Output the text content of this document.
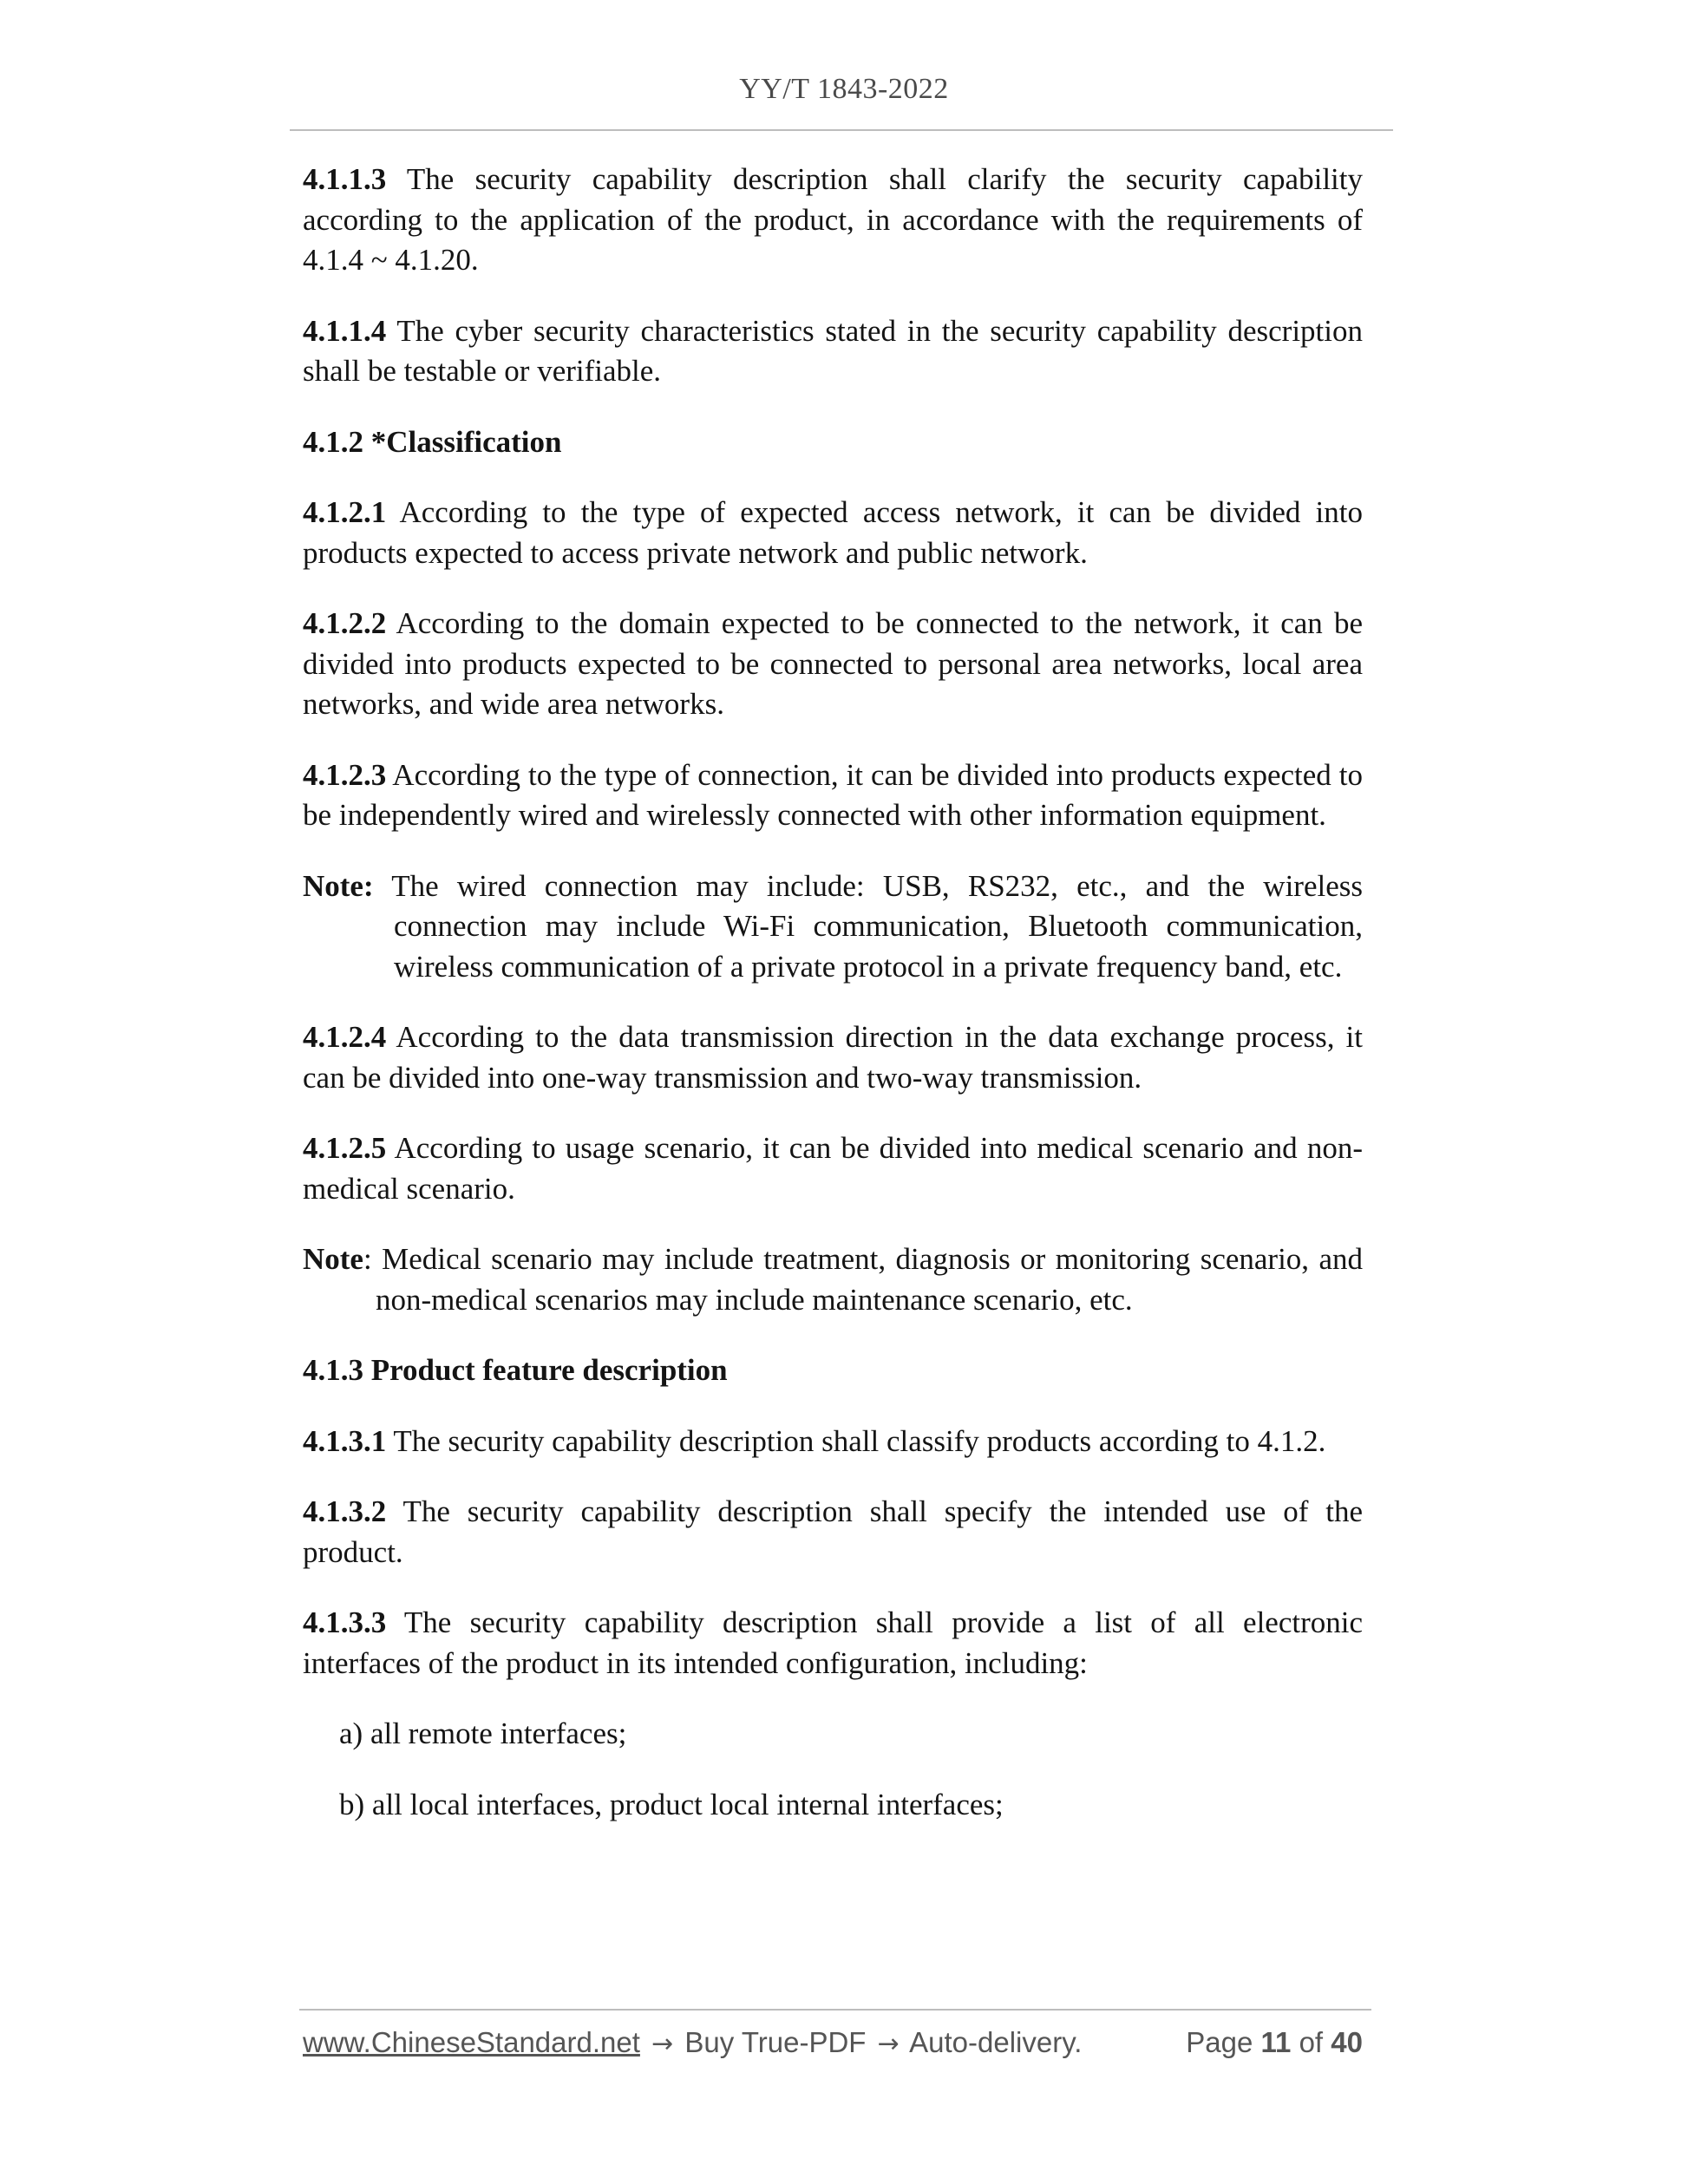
YY/T 1843-2022

4.1.1.3 The security capability description shall clarify the security capability according to the application of the product, in accordance with the requirements of 4.1.4 ~ 4.1.20.

4.1.1.4 The cyber security characteristics stated in the security capability description shall be testable or verifiable.

4.1.2 *Classification

4.1.2.1 According to the type of expected access network, it can be divided into products expected to access private network and public network.

4.1.2.2 According to the domain expected to be connected to the network, it can be divided into products expected to be connected to personal area networks, local area networks, and wide area networks.

4.1.2.3 According to the type of connection, it can be divided into products expected to be independently wired and wirelessly connected with other information equipment.

Note: The wired connection may include: USB, RS232, etc., and the wireless connection may include Wi-Fi communication, Bluetooth communication, wireless communication of a private protocol in a private frequency band, etc.

4.1.2.4 According to the data transmission direction in the data exchange process, it can be divided into one-way transmission and two-way transmission.

4.1.2.5 According to usage scenario, it can be divided into medical scenario and non-medical scenario.

Note: Medical scenario may include treatment, diagnosis or monitoring scenario, and non-medical scenarios may include maintenance scenario, etc.

4.1.3 Product feature description

4.1.3.1 The security capability description shall classify products according to 4.1.2.

4.1.3.2 The security capability description shall specify the intended use of the product.

4.1.3.3 The security capability description shall provide a list of all electronic interfaces of the product in its intended configuration, including:

a) all remote interfaces;

b) all local interfaces, product local internal interfaces;

www.ChineseStandard.net → Buy True-PDF → Auto-delivery.	Page 11 of 40
